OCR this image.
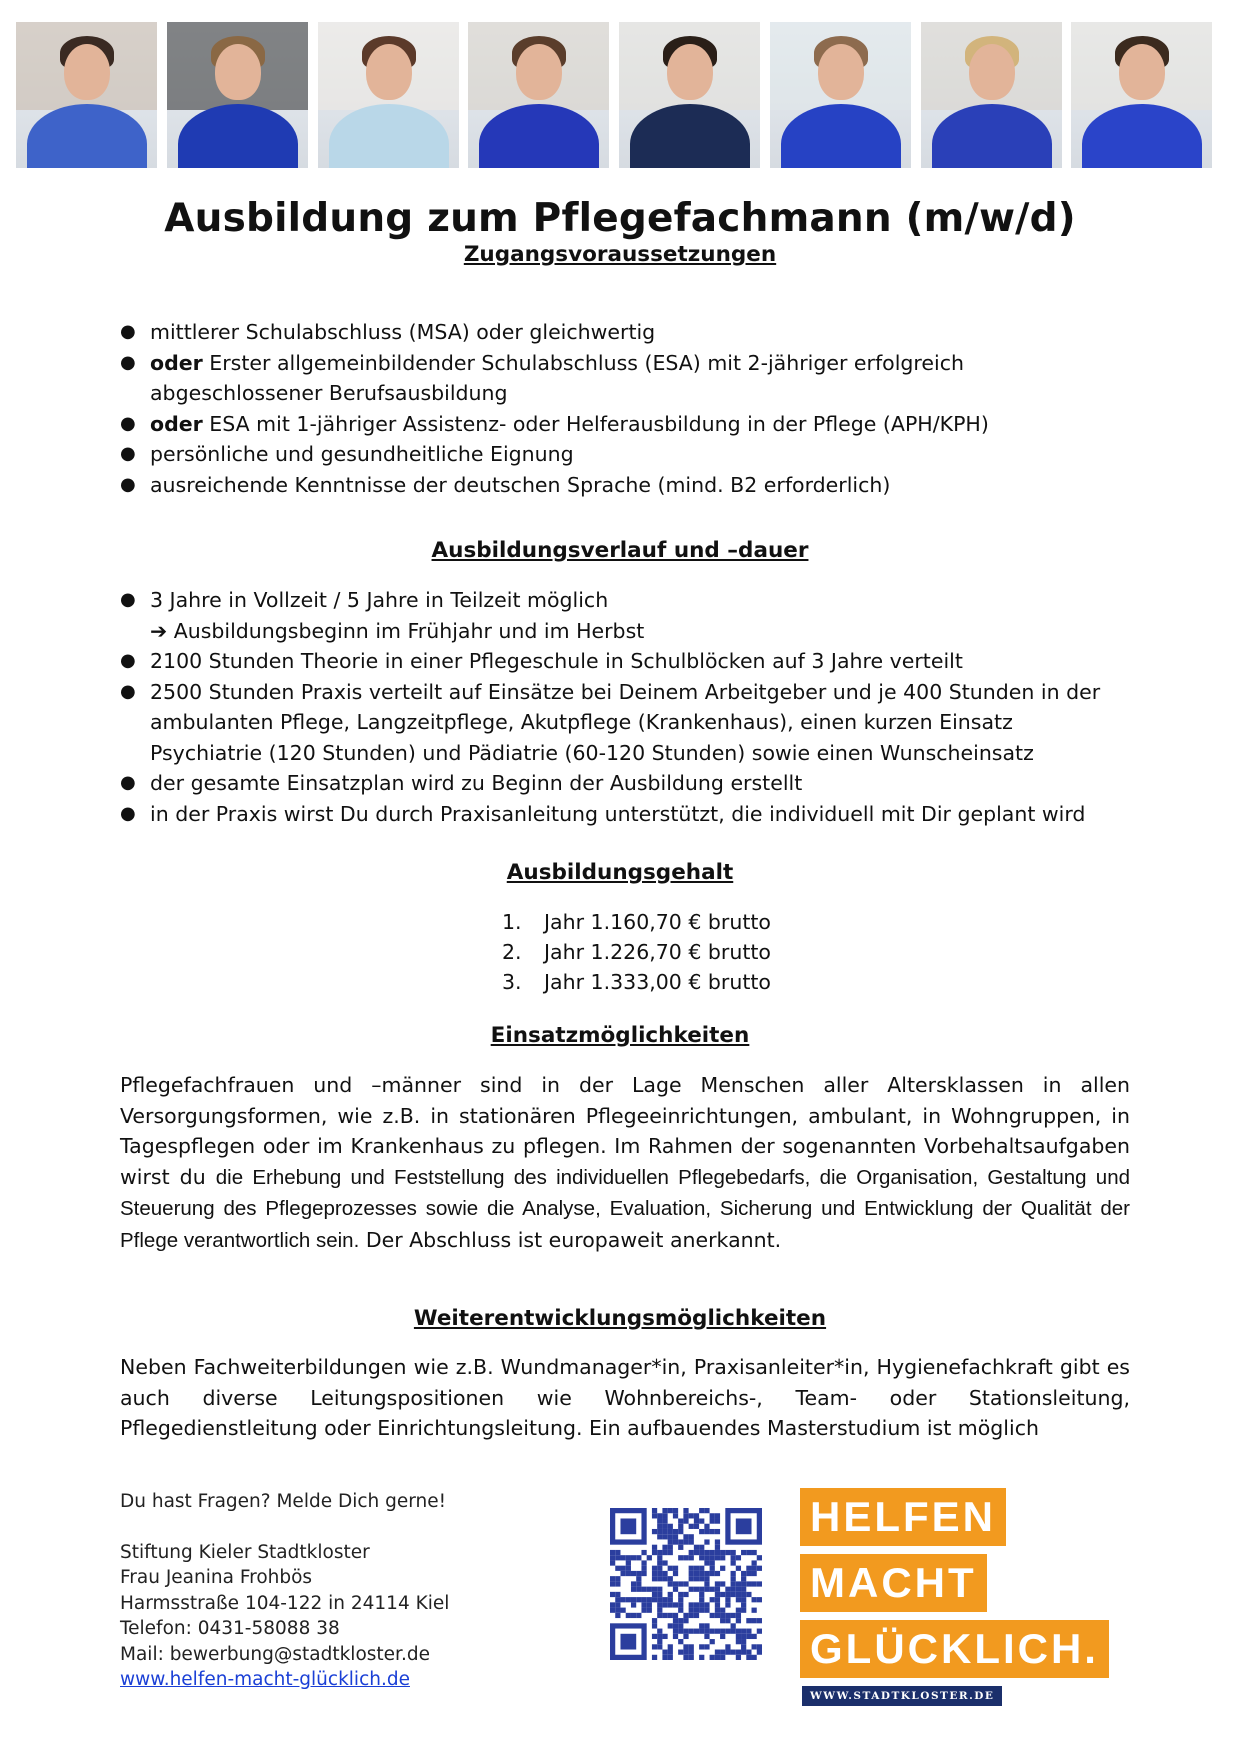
Ausbildung zum Pflegefachmann (m/w/d)
Zugangsvoraussetzungen
● mittlerer Schulabschluss (MSA) oder gleichwertig
● oder Erster allgemeinbildender Schulabschluss (ESA) mit 2-jähriger erfolgreich
abgeschlossener Berufsausbildung
● oder ESA mit 1-jähriger Assistenz- oder Helferausbildung in der Pflege (APH/KPH)
● persönliche und gesundheitliche Eignung
● ausreichende Kenntnisse der deutschen Sprache (mind. B2 erforderlich)
Ausbildungsverlauf und –dauer
● 3 Jahre in Vollzeit / 5 Jahre in Teilzeit möglich
➔ Ausbildungsbeginn im Frühjahr und im Herbst
● 2100 Stunden Theorie in einer Pflegeschule in Schulblöcken auf 3 Jahre verteilt
● 2500 Stunden Praxis verteilt auf Einsätze bei Deinem Arbeitgeber und je 400 Stunden in der ambulanten Pflege, Langzeitpflege, Akutpflege (Krankenhaus), einen kurzen Einsatz Psychiatrie (120 Stunden) und Pädiatrie (60-120 Stunden) sowie einen Wunscheinsatz
● der gesamte Einsatzplan wird zu Beginn der Ausbildung erstellt
● in der Praxis wirst Du durch Praxisanleitung unterstützt, die individuell mit Dir geplant wird
Ausbildungsgehalt
1. Jahr 1.160,70 € brutto
2. Jahr 1.226,70 € brutto
3. Jahr 1.333,00 € brutto
Einsatzmöglichkeiten

Pflegefachfrauen und –männer sind in der Lage Menschen aller Altersklassen in allen Versorgungsformen, wie z.B. in stationären Pflegeeinrichtungen, ambulant, in Wohngruppen, in Tagespflegen oder im Krankenhaus zu pflegen. Im Rahmen der sogenannten Vorbehaltsaufgaben wirst du die Erhebung und Feststellung des individuellen Pflegebedarfs, die Organisation, Gestaltung und Steuerung des Pflegeprozesses sowie die Analyse, Evaluation, Sicherung und Entwicklung der Qualität der Pflege verantwortlich sein. Der Abschluss ist europaweit anerkannt.

Weiterentwicklungsmöglichkeiten

Neben Fachweiterbildungen wie z.B. Wundmanager*in, Praxisanleiter*in, Hygienefachkraft gibt es auch diverse Leitungspositionen wie Wohnbereichs-, Team- oder Stationsleitung, Pflegedienstleitung oder Einrichtungsleitung. Ein aufbauendes Masterstudium ist möglich

Du hast Fragen? Melde Dich gerne!

Stiftung Kieler Stadtkloster

Frau Jeanina Frohbös

Harmsstraße 104-122 in 24114 Kiel

Telefon: 0431-58088 38

Mail: bewerbung@stadtkloster.de

www.helfen-macht-glücklich.de

HELFEN
MACHT
GLÜCKLICH.
WWW.STADTKLOSTER.DE
